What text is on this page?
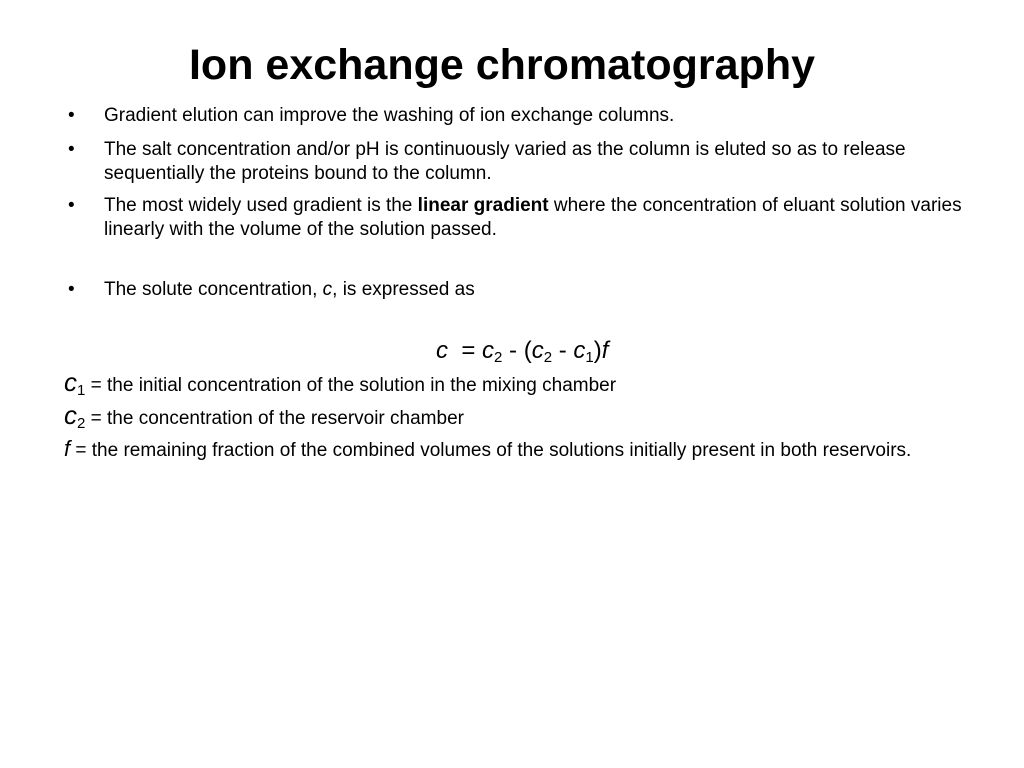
Ion exchange chromatography
• Gradient elution can improve the washing of ion exchange columns.
• The salt concentration and/or pH is continuously varied as the column is eluted so as to release sequentially the proteins bound to the column.
• The most widely used gradient is the linear gradient where the concentration of eluant solution varies linearly with the volume of the solution passed.
• The solute concentration, c, is expressed as
$c = c_2 - (c_2 - c_1)f$
$c_1$ = the initial concentration of the solution in the mixing chamber
$c_2$ = the concentration of the reservoir chamber
f = the remaining fraction of the combined volumes of the solutions initially present in both reservoirs.
